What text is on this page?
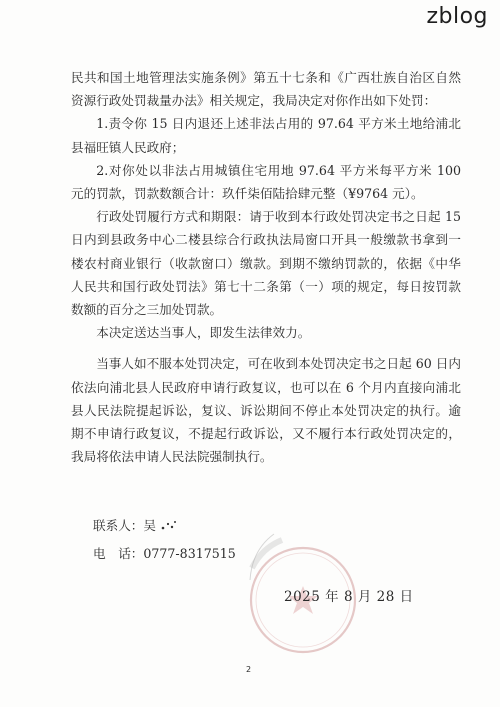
zblog

民共和国土地管理法实施条例》第五十七条和《广西壮族自治区自然资源行政处罚裁量办法》相关规定，我局决定对你作出如下处罚：

1.责令你 15 日内退还上述非法占用的 97.64 平方米土地给浦北县福旺镇人民政府；

2.对你处以非法占用城镇住宅用地 97.64 平方米每平方米 100 元的罚款，罚款数额合计：玖仟柒佰陆拾肆元整（¥9764 元）。

行政处罚履行方式和期限：请于收到本行政处罚决定书之日起 15 日内到县政务中心二楼县综合行政执法局窗口开具一般缴款书拿到一楼农村商业银行（收款窗口）缴款。到期不缴纳罚款的，依据《中华人民共和国行政处罚法》第七十二条第（一）项的规定，每日按罚款数额的百分之三加处罚款。

本决定送达当事人，即发生法律效力。

当事人如不服本处罚决定，可在收到本处罚决定书之日起 60 日内依法向浦北县人民政府申请行政复议，也可以在 6 个月内直接向浦北县人民法院提起诉讼，复议、诉讼期间不停止本处罚决定的执行。逾期不申请行政复议，不提起行政诉讼，又不履行本行政处罚决定的，我局将依法申请人民法院强制执行。

联系人：吴
电　话：0777-8317515
2025 年 8 月 28 日
2
